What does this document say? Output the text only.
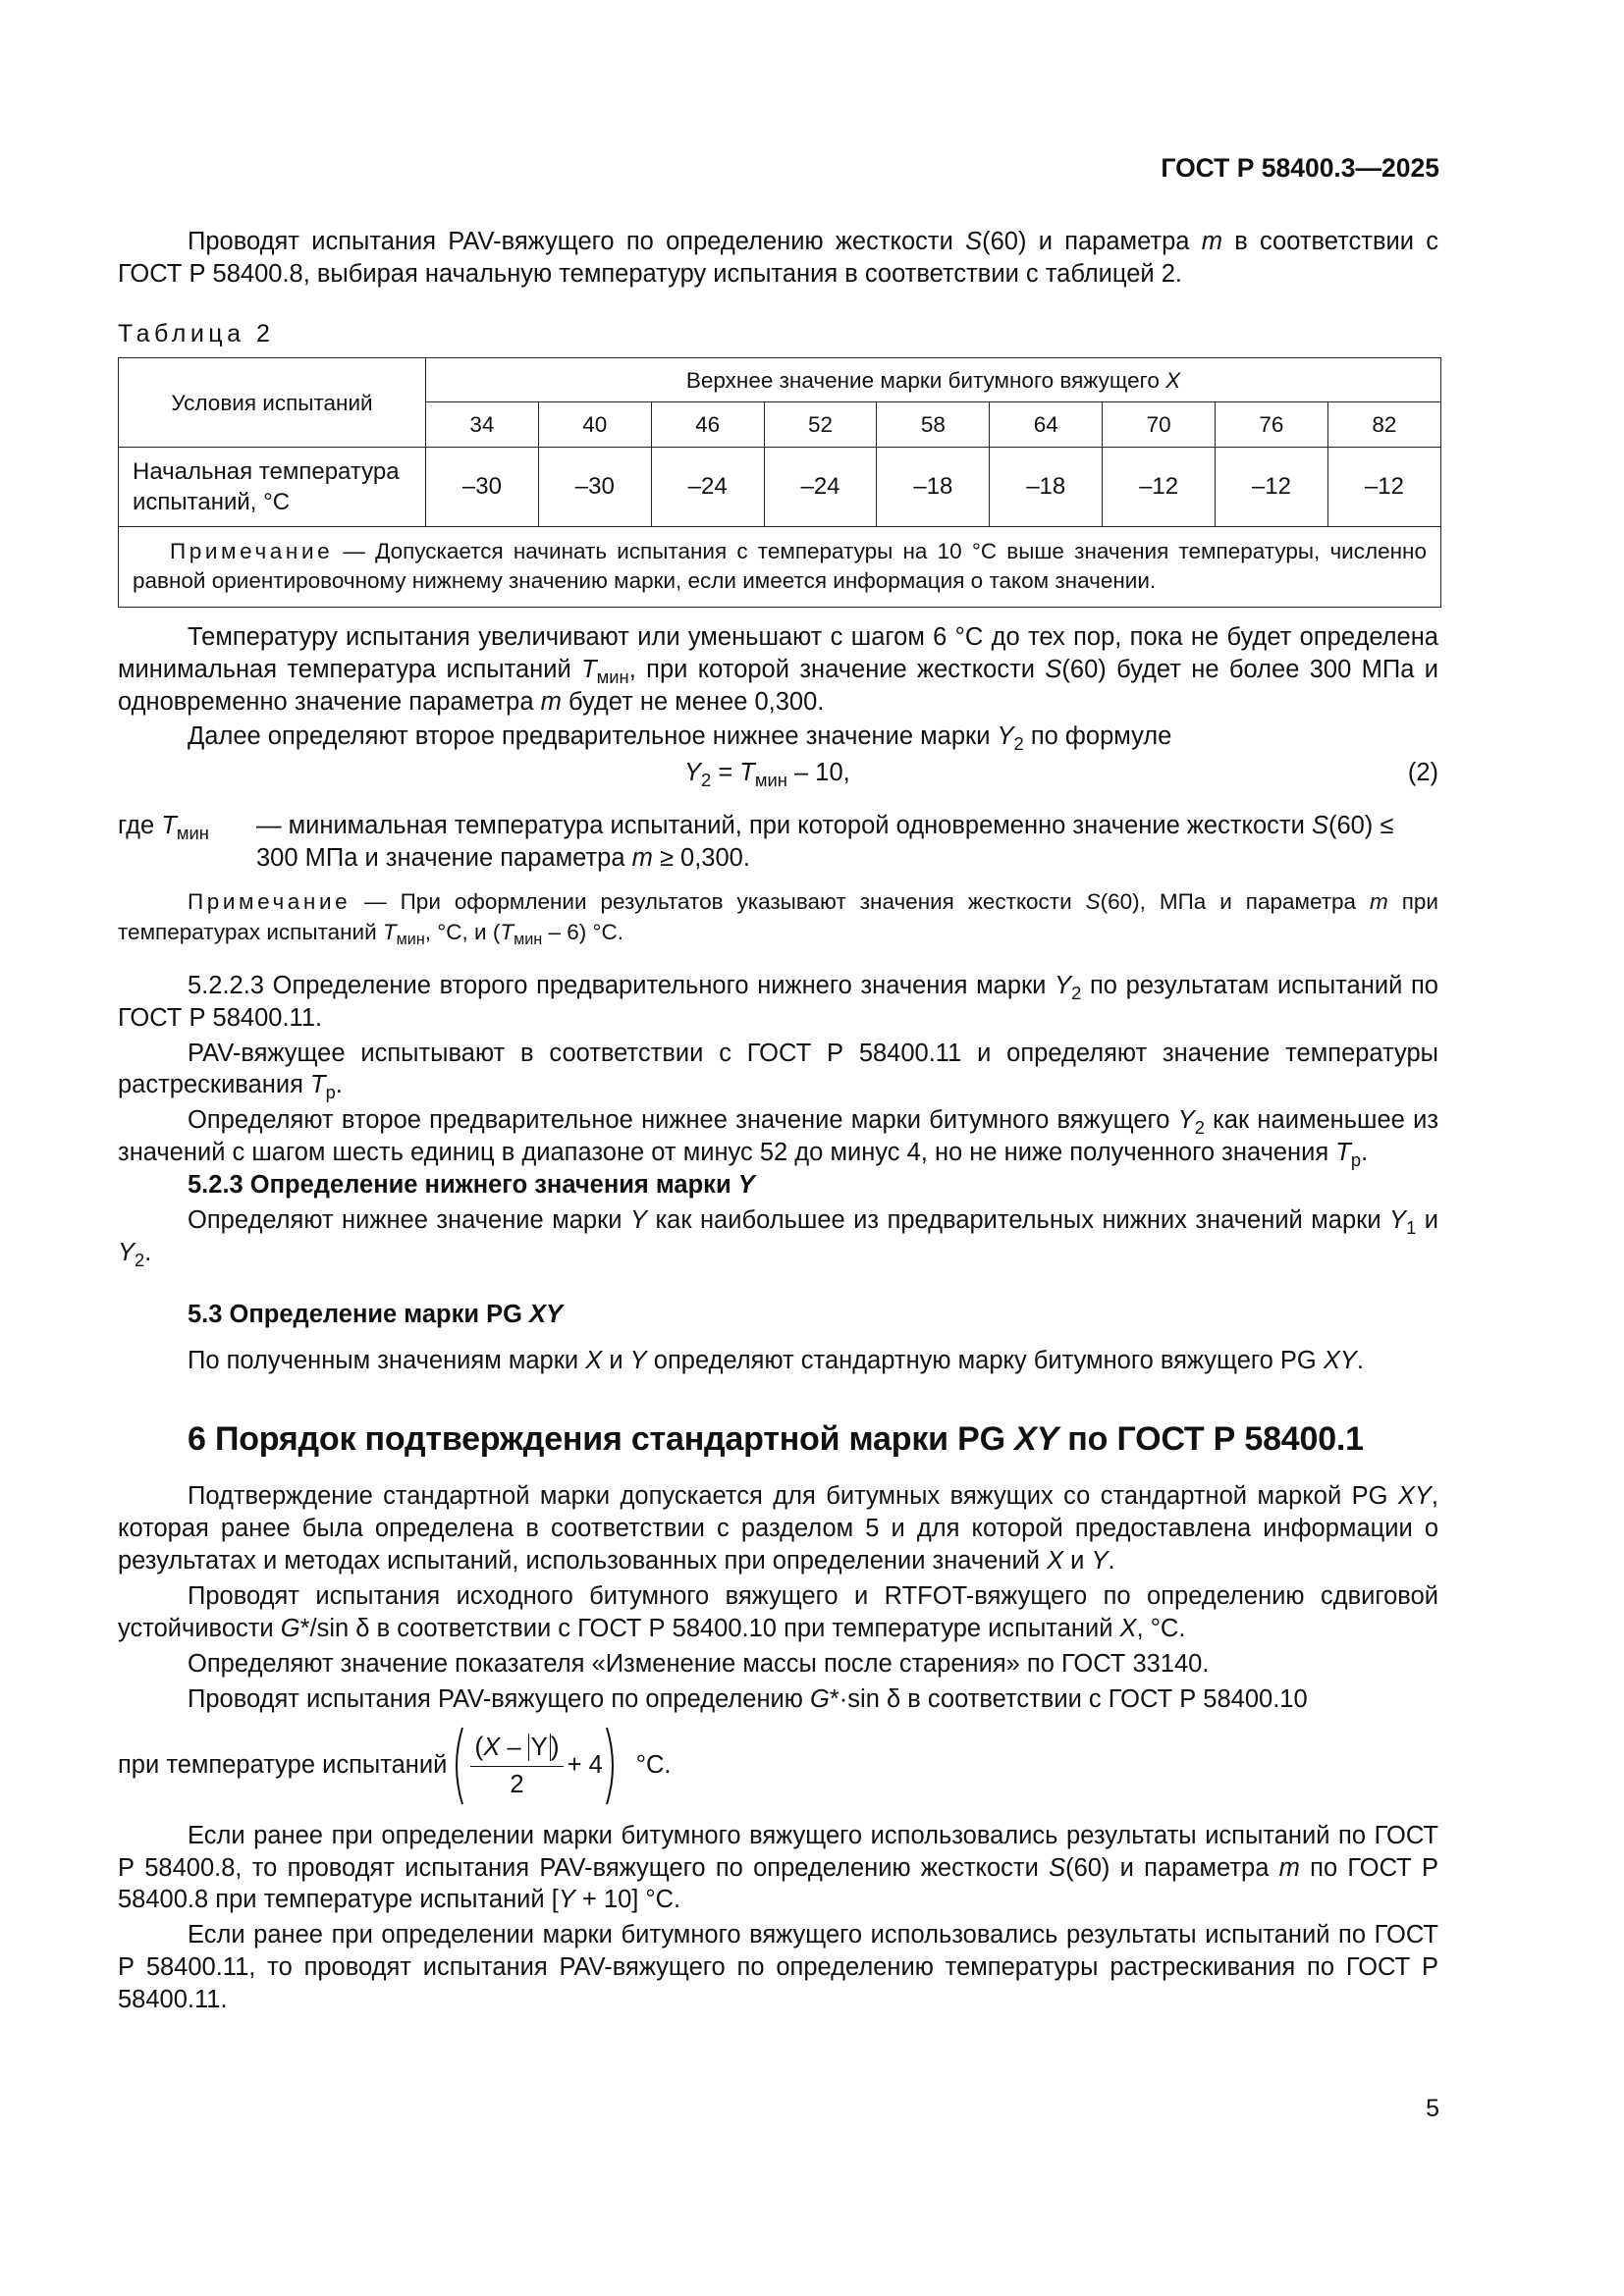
ГОСТ Р 58400.3—2025

Проводят испытания PAV-вяжущего по определению жесткости S(60) и параметра m в соответствии с ГОСТ Р 58400.8, выбирая начальную температуру испытания в соответствии с таблицей 2.

Таблица 2
Условия испытаний	Верхнее значение марки битумного вяжущего X								
	34	40	46	52	58	64	70	76	82
Начальная температура испытаний, °С	–30	–30	–24	–24	–18	–18	–12	–12	–12
Примечание — Допускается начинать испытания с температуры на 10 °С выше значения температуры, численно равной ориентировочному нижнему значению марки, если имеется информация о таком значении.									

Температуру испытания увеличивают или уменьшают с шагом 6 °С до тех пор, пока не будет определена минимальная температура испытаний $T_{мин}$, при которой значение жесткости S(60) будет не более 300 МПа и одновременно значение параметра m будет не менее 0,300.

Далее определяют второе предварительное нижнее значение марки $Y_2$ по формуле

$Y_2 = T_{мин} - 10$,	(2)
где $T_{мин}$ — минимальная температура испытаний, при которой одновременно значение жесткости S(60) ≤ 300 МПа и значение параметра m ≥ 0,300.

Примечание — При оформлении результатов указывают значения жесткости S(60), МПа и параметра m при температурах испытаний $T_{мин}$, °С, и $(T_{мин} - 6)$ °С.

5.2.2.3 Определение второго предварительного нижнего значения марки $Y_2$ по результатам испытаний по ГОСТ Р 58400.11.

PAV-вяжущее испытывают в соответствии с ГОСТ Р 58400.11 и определяют значение температуры растрескивания $T_р$.

Определяют второе предварительное нижнее значение марки битумного вяжущего $Y_2$ как наименьшее из значений с шагом шесть единиц в диапазоне от минус 52 до минус 4, но не ниже полученного значения $T_р$.

5.2.3 Определение нижнего значения марки Y

Определяют нижнее значение марки Y как наибольшее из предварительных нижних значений марки $Y_1$ и $Y_2$.

5.3 Определение марки PG XY

По полученным значениям марки X и Y определяют стандартную марку битумного вяжущего PG XY.

6 Порядок подтверждения стандартной марки PG XY по ГОСТ Р 58400.1

Подтверждение стандартной марки допускается для битумных вяжущих со стандартной маркой PG XY, которая ранее была определена в соответствии с разделом 5 и для которой предоставлена информации о результатах и методах испытаний, использованных при определении значений X и Y.

Проводят испытания исходного битумного вяжущего и RTFOT-вяжущего по определению сдвиговой устойчивости G*/sin δ в соответствии с ГОСТ Р 58400.10 при температуре испытаний X, °С.

Определяют значение показателя «Изменение массы после старения» по ГОСТ 33140.

Проводят испытания PAV-вяжущего по определению G*·sin δ в соответствии с ГОСТ Р 58400.10

при температуре испытаний $\frac{(X - Y )}{2} + 4$ °С.

Если ранее при определении марки битумного вяжущего использовались результаты испытаний по ГОСТ Р 58400.8, то проводят испытания PAV-вяжущего по определению жесткости S(60) и параметра m по ГОСТ Р 58400.8 при температуре испытаний [Y + 10] °С.

Если ранее при определении марки битумного вяжущего использовались результаты испытаний по ГОСТ Р 58400.11, то проводят испытания PAV-вяжущего по определению температуры растрескивания по ГОСТ Р 58400.11.

5
